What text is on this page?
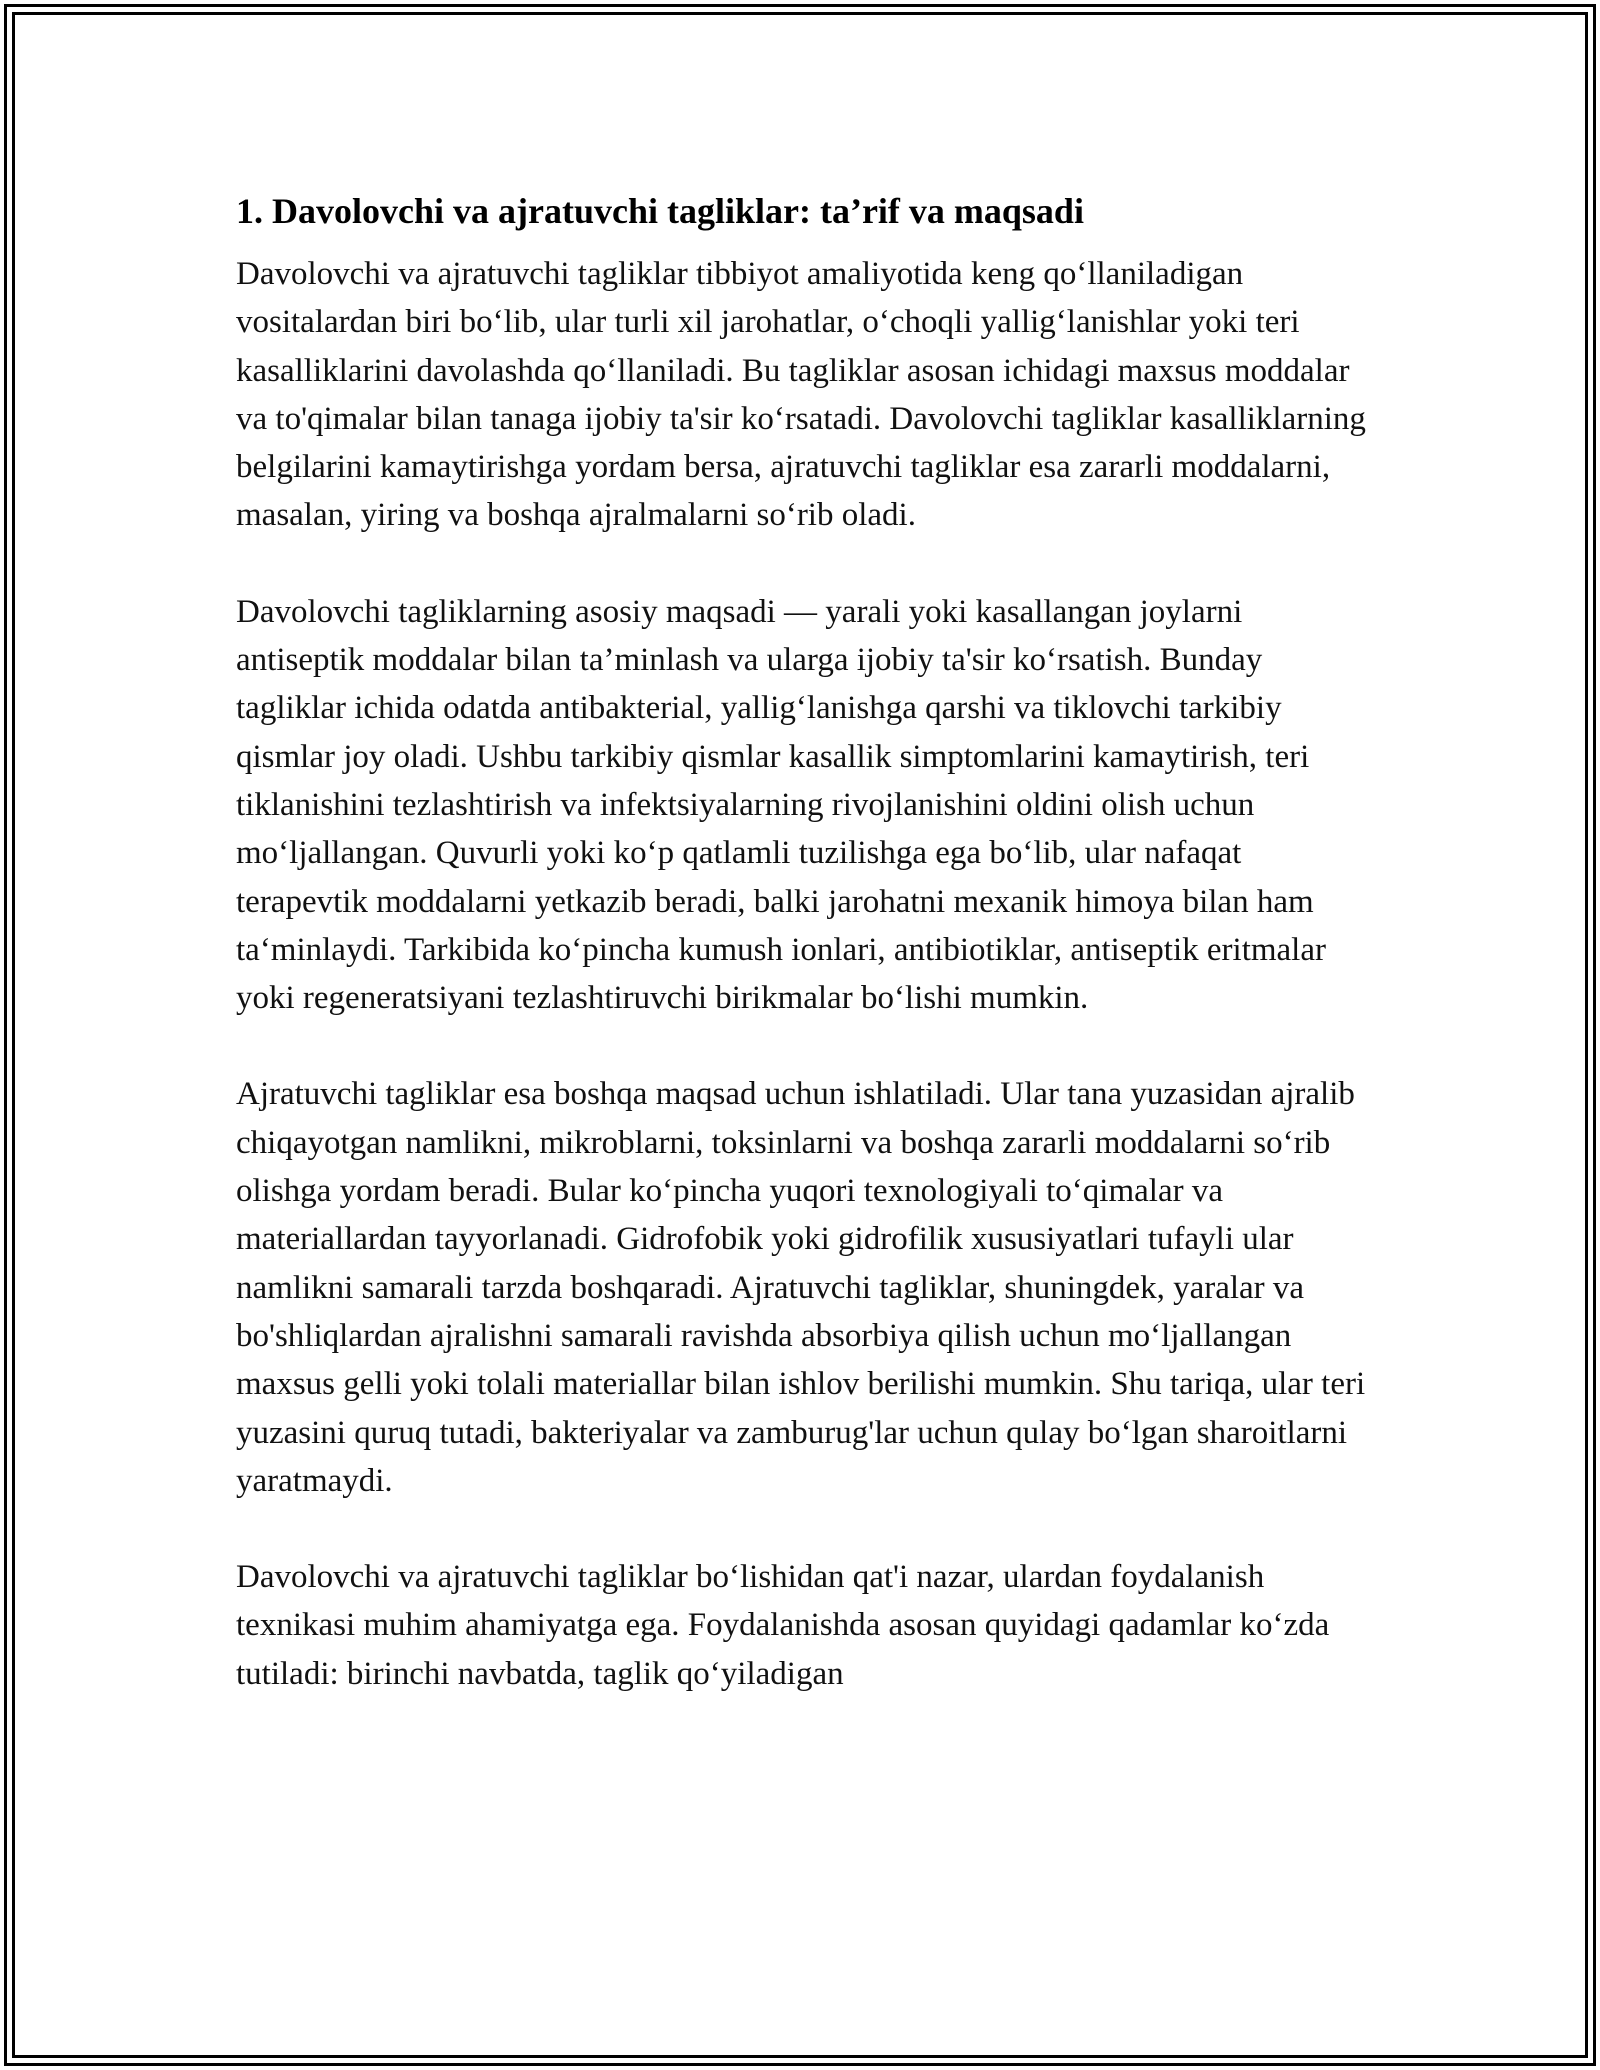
1. Davolovchi va ajratuvchi tagliklar: ta’rif va maqsadi

Davolovchi va ajratuvchi tagliklar tibbiyot amaliyotida keng qo‘llaniladigan vositalardan biri bo‘lib, ular turli xil jarohatlar, o‘choqli yallig‘lanishlar yoki teri kasalliklarini davolashda qo‘llaniladi. Bu tagliklar asosan ichidagi maxsus moddalar va to'qimalar bilan tanaga ijobiy ta'sir ko‘rsatadi. Davolovchi tagliklar kasalliklarning belgilarini kamaytirishga yordam bersa, ajratuvchi tagliklar esa zararli moddalarni, masalan, yiring va boshqa ajralmalarni so‘rib oladi.

Davolovchi tagliklarning asosiy maqsadi — yarali yoki kasallangan joylarni antiseptik moddalar bilan ta’minlash va ularga ijobiy ta'sir ko‘rsatish. Bunday tagliklar ichida odatda antibakterial, yallig‘lanishga qarshi va tiklovchi tarkibiy qismlar joy oladi. Ushbu tarkibiy qismlar kasallik simptomlarini kamaytirish, teri tiklanishini tezlashtirish va infektsiyalarning rivojlanishini oldini olish uchun mo‘ljallangan. Quvurli yoki ko‘p qatlamli tuzilishga ega bo‘lib, ular nafaqat terapevtik moddalarni yetkazib beradi, balki jarohatni mexanik himoya bilan ham ta‘minlaydi. Tarkibida ko‘pincha kumush ionlari, antibiotiklar, antiseptik eritmalar yoki regeneratsiyani tezlashtiruvchi birikmalar bo‘lishi mumkin.

Ajratuvchi tagliklar esa boshqa maqsad uchun ishlatiladi. Ular tana yuzasidan ajralib chiqayotgan namlikni, mikroblarni, toksinlarni va boshqa zararli moddalarni so‘rib olishga yordam beradi. Bular ko‘pincha yuqori texnologiyali to‘qimalar va materiallardan tayyorlanadi. Gidrofobik yoki gidrofilik xususiyatlari tufayli ular namlikni samarali tarzda boshqaradi. Ajratuvchi tagliklar, shuningdek, yaralar va bo'shliqlardan ajralishni samarali ravishda absorbiya qilish uchun mo‘ljallangan maxsus gelli yoki tolali materiallar bilan ishlov berilishi mumkin. Shu tariqa, ular teri yuzasini quruq tutadi, bakteriyalar va zamburug'lar uchun qulay bo‘lgan sharoitlarni yaratmaydi.

Davolovchi va ajratuvchi tagliklar bo‘lishidan qat'i nazar, ulardan foydalanish texnikasi muhim ahamiyatga ega. Foydalanishda asosan quyidagi qadamlar ko‘zda tutiladi: birinchi navbatda, taglik qo‘yiladigan
